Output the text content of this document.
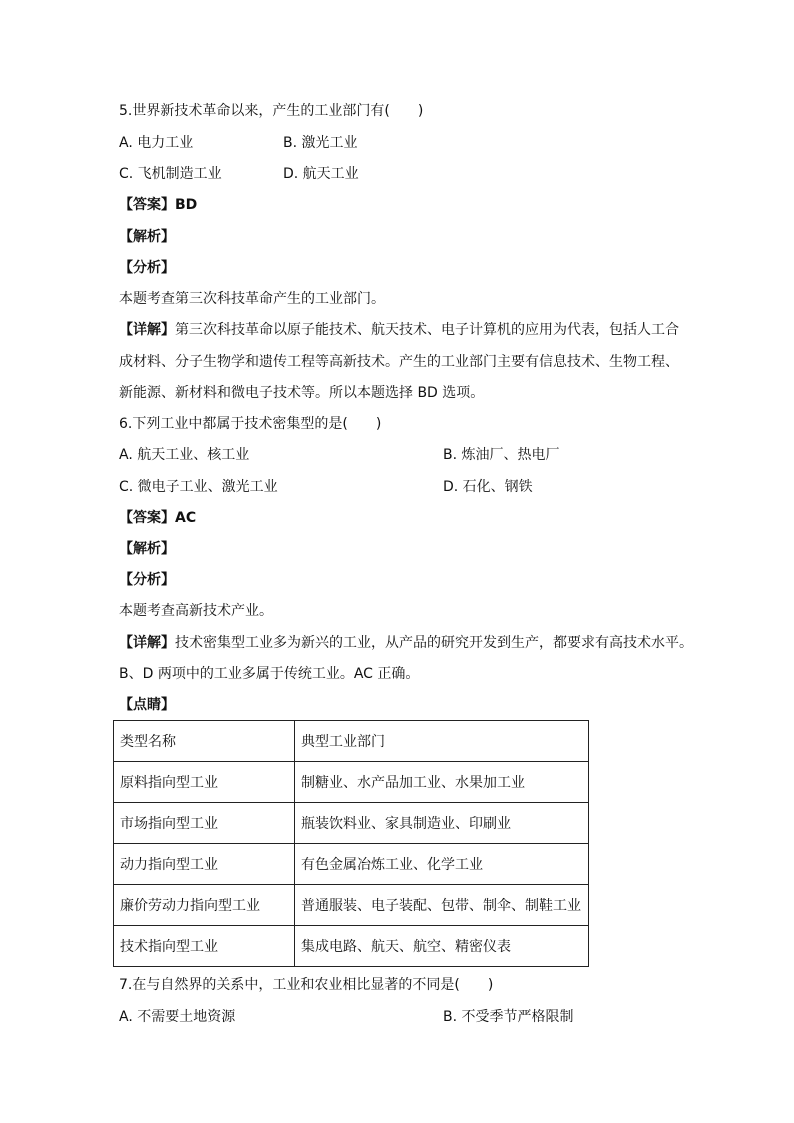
5.世界新技术革命以来，产生的工业部门有(　　)
A. 电力工业	B. 激光工业
C. 飞机制造工业	D. 航天工业
【答案】BD
【解析】
【分析】
本题考查第三次科技革命产生的工业部门。
【详解】第三次科技革命以原子能技术、航天技术、电子计算机的应用为代表，包括人工合
成材料、分子生物学和遗传工程等高新技术。产生的工业部门主要有信息技术、生物工程、
新能源、新材料和微电子技术等。所以本题选择 BD 选项。
6.下列工业中都属于技术密集型的是(　　)
A. 航天工业、核工业	B. 炼油厂、热电厂
C. 微电子工业、激光工业	D. 石化、钢铁
【答案】AC
【解析】
【分析】
本题考查高新技术产业。
【详解】技术密集型工业多为新兴的工业，从产品的研究开发到生产，都要求有高技术水平。
B、D 两项中的工业多属于传统工业。AC 正确。
【点睛】
类型名称	典型工业部门
原料指向型工业	制糖业、水产品加工业、水果加工业
市场指向型工业	瓶装饮料业、家具制造业、印刷业
动力指向型工业	有色金属冶炼工业、化学工业
廉价劳动力指向型工业	普通服装、电子装配、包带、制伞、制鞋工业
技术指向型工业	集成电路、航天、航空、精密仪表
7.在与自然界的关系中，工业和农业相比显著的不同是(　　)
A. 不需要土地资源	B. 不受季节严格限制
